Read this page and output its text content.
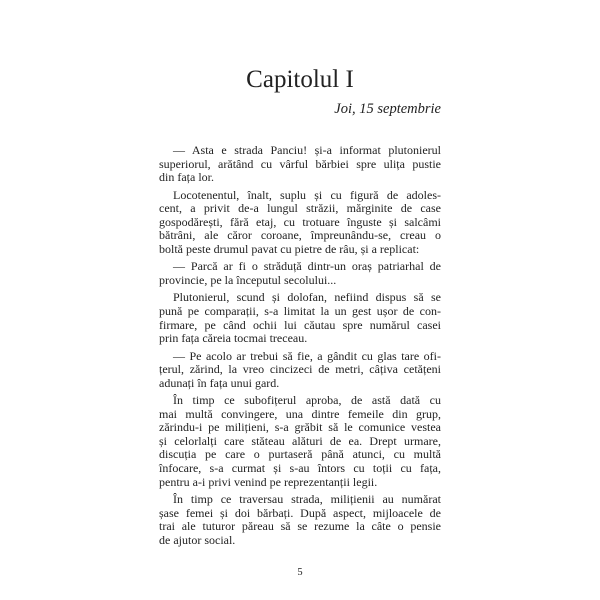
Capitolul I
Joi, 15 septembrie
— Asta e strada Panciu! și-a informat plutonierul
superiorul, arătând cu vârful bărbiei spre ulița pustie
din fața lor.
Locotenentul, înalt, suplu și cu figură de adoles-
cent, a privit de-a lungul străzii, mărginite de case
gospodărești, fără etaj, cu trotuare înguste și salcâmi
bătrâni, ale căror coroane, împreunându-se, creau o
boltă peste drumul pavat cu pietre de râu, și a replicat:
— Parcă ar fi o străduță dintr-un oraș patriarhal de
provincie, pe la începutul secolului...
Plutonierul, scund și dolofan, nefiind dispus să se
pună pe comparații, s-a limitat la un gest ușor de con-
firmare, pe când ochii lui căutau spre numărul casei
prin fața căreia tocmai treceau.
— Pe acolo ar trebui să fie, a gândit cu glas tare ofi-
țerul, zărind, la vreo cincizeci de metri, câțiva cetățeni
adunați în fața unui gard.
În timp ce subofițerul aproba, de astă dată cu
mai multă convingere, una dintre femeile din grup,
zărindu-i pe milițieni, s-a grăbit să le comunice vestea
și celorlalți care stăteau alături de ea. Drept urmare,
discuția pe care o purtaseră până atunci, cu multă
înfocare, s-a curmat și s-au întors cu toții cu fața,
pentru a-i privi venind pe reprezentanții legii.
În timp ce traversau strada, milițienii au numărat
șase femei și doi bărbați. După aspect, mijloacele de
trai ale tuturor păreau să se rezume la câte o pensie
de ajutor social.
5
